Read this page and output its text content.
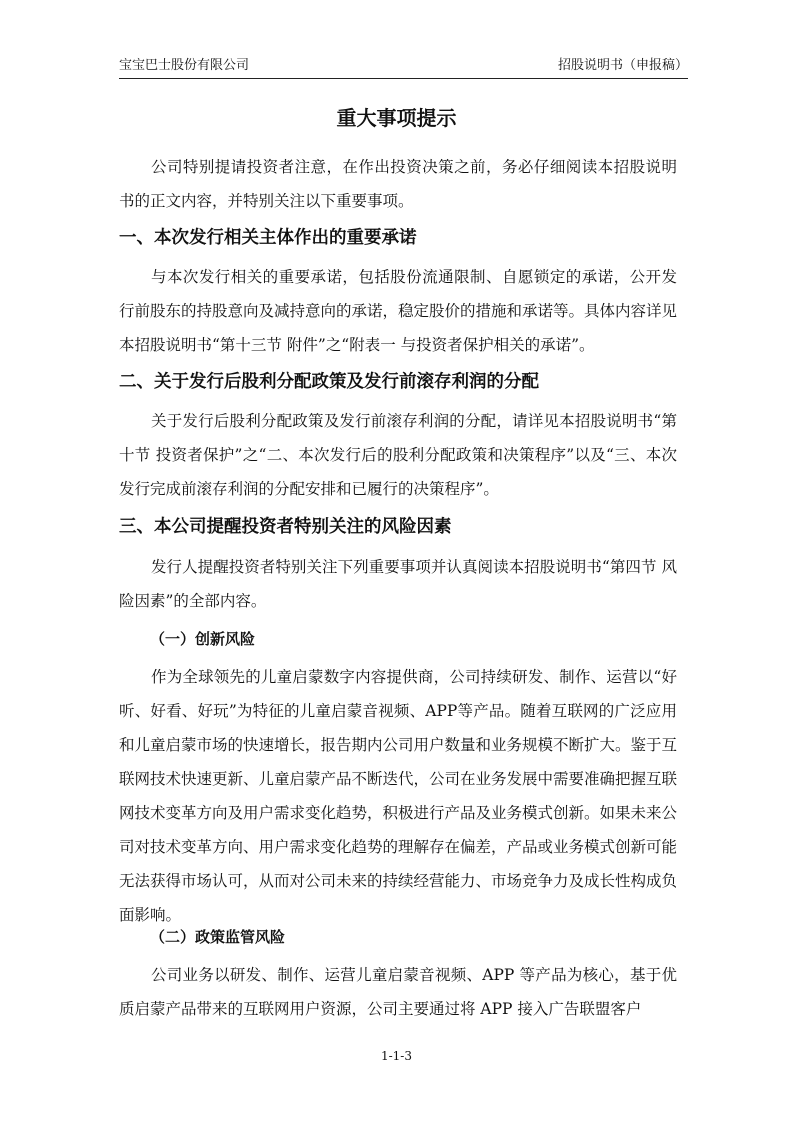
宝宝巴士股份有限公司	招股说明书（申报稿）
重大事项提示

公司特别提请投资者注意，在作出投资决策之前，务必仔细阅读本招股说明书的正文内容，并特别关注以下重要事项。

一、本次发行相关主体作出的重要承诺

与本次发行相关的重要承诺，包括股份流通限制、自愿锁定的承诺，公开发行前股东的持股意向及减持意向的承诺，稳定股价的措施和承诺等。具体内容详见本招股说明书“第十三节 附件”之“附表一 与投资者保护相关的承诺”。

二、关于发行后股利分配政策及发行前滚存利润的分配

关于发行后股利分配政策及发行前滚存利润的分配，请详见本招股说明书“第十节 投资者保护”之“二、本次发行后的股利分配政策和决策程序”以及“三、本次发行完成前滚存利润的分配安排和已履行的决策程序”。

三、本公司提醒投资者特别关注的风险因素

发行人提醒投资者特别关注下列重要事项并认真阅读本招股说明书“第四节 风险因素”的全部内容。

（一）创新风险

作为全球领先的儿童启蒙数字内容提供商，公司持续研发、制作、运营以“好听、好看、好玩”为特征的儿童启蒙音视频、APP等产品。随着互联网的广泛应用和儿童启蒙市场的快速增长，报告期内公司用户数量和业务规模不断扩大。鉴于互联网技术快速更新、儿童启蒙产品不断迭代，公司在业务发展中需要准确把握互联网技术变革方向及用户需求变化趋势，积极进行产品及业务模式创新。如果未来公司对技术变革方向、用户需求变化趋势的理解存在偏差，产品或业务模式创新可能无法获得市场认可，从而对公司未来的持续经营能力、市场竞争力及成长性构成负面影响。

（二）政策监管风险

公司业务以研发、制作、运营儿童启蒙音视频、APP 等产品为核心，基于优质启蒙产品带来的互联网用户资源，公司主要通过将 APP 接入广告联盟客户

1-1-3
